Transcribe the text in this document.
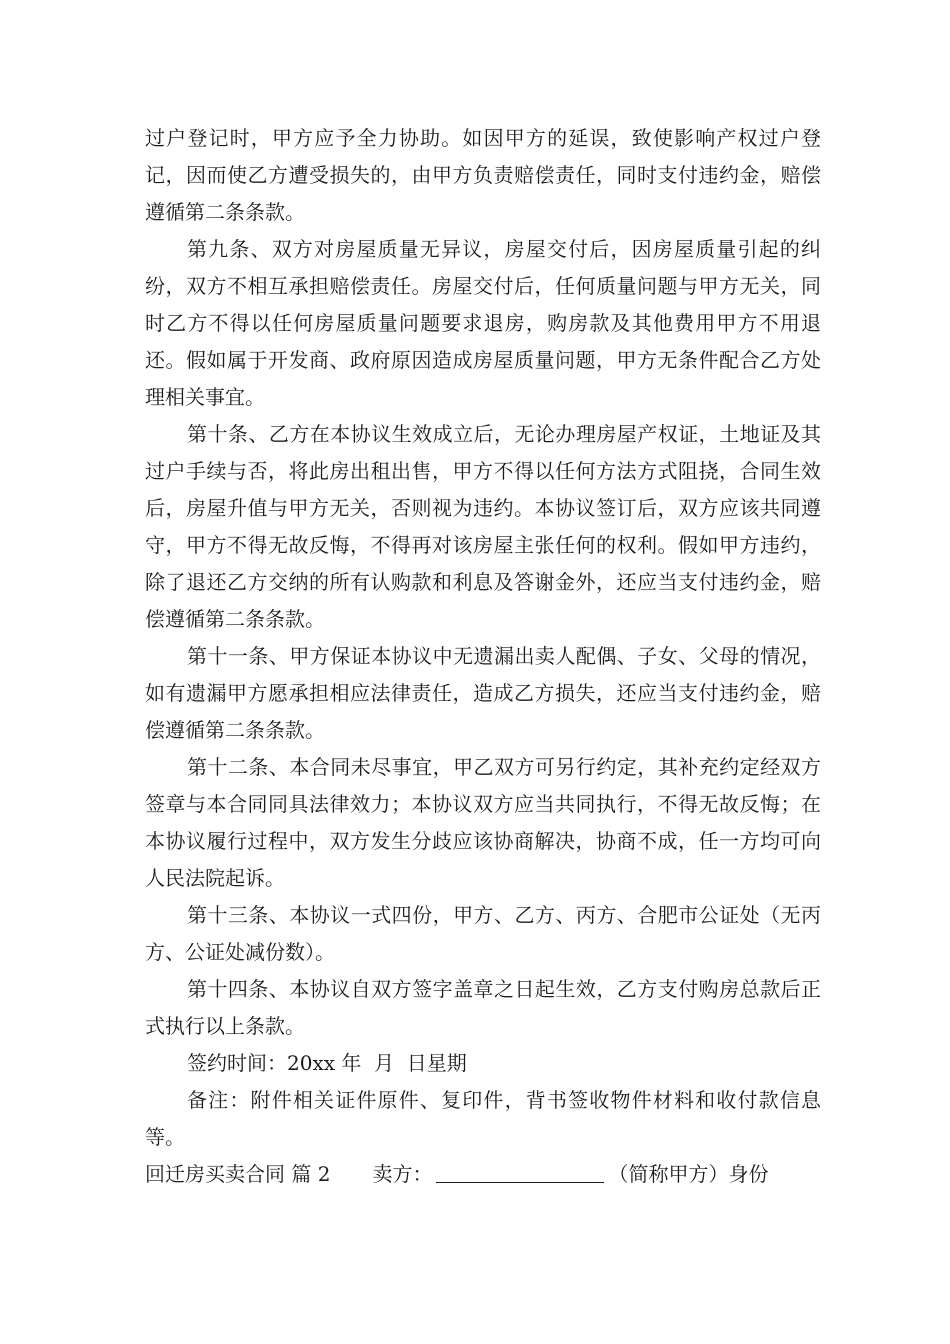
过户登记时，甲方应予全力协助。如因甲方的延误，致使影响产权过户登记，因而使乙方遭受损失的，由甲方负责赔偿责任，同时支付违约金，赔偿遵循第二条条款。

第九条、双方对房屋质量无异议，房屋交付后，因房屋质量引起的纠纷，双方不相互承担赔偿责任。房屋交付后，任何质量问题与甲方无关，同时乙方不得以任何房屋质量问题要求退房，购房款及其他费用甲方不用退还。假如属于开发商、政府原因造成房屋质量问题，甲方无条件配合乙方处理相关事宜。

第十条、乙方在本协议生效成立后，无论办理房屋产权证，土地证及其过户手续与否，将此房出租出售，甲方不得以任何方法方式阻挠，合同生效后，房屋升值与甲方无关，否则视为违约。本协议签订后，双方应该共同遵守，甲方不得无故反悔，不得再对该房屋主张任何的权利。假如甲方违约，除了退还乙方交纳的所有认购款和利息及答谢金外，还应当支付违约金，赔偿遵循第二条条款。

第十一条、甲方保证本协议中无遗漏出卖人配偶、子女、父母的情况，如有遗漏甲方愿承担相应法律责任，造成乙方损失，还应当支付违约金，赔偿遵循第二条条款。

第十二条、本合同未尽事宜，甲乙双方可另行约定，其补充约定经双方签章与本合同同具法律效力；本协议双方应当共同执行，不得无故反悔；在本协议履行过程中，双方发生分歧应该协商解决，协商不成，任一方均可向人民法院起诉。

第十三条、本协议一式四份，甲方、乙方、丙方、合肥市公证处（无丙方、公证处减份数）。

第十四条、本协议自双方签字盖章之日起生效，乙方支付购房总款后正式执行以上条款。

签约时间：20xx 年  月  日星期

备注：附件相关证件原件、复印件，背书签收物件材料和收付款信息等。

回迁房买卖合同 篇 2 卖方：	（简称甲方）身份
